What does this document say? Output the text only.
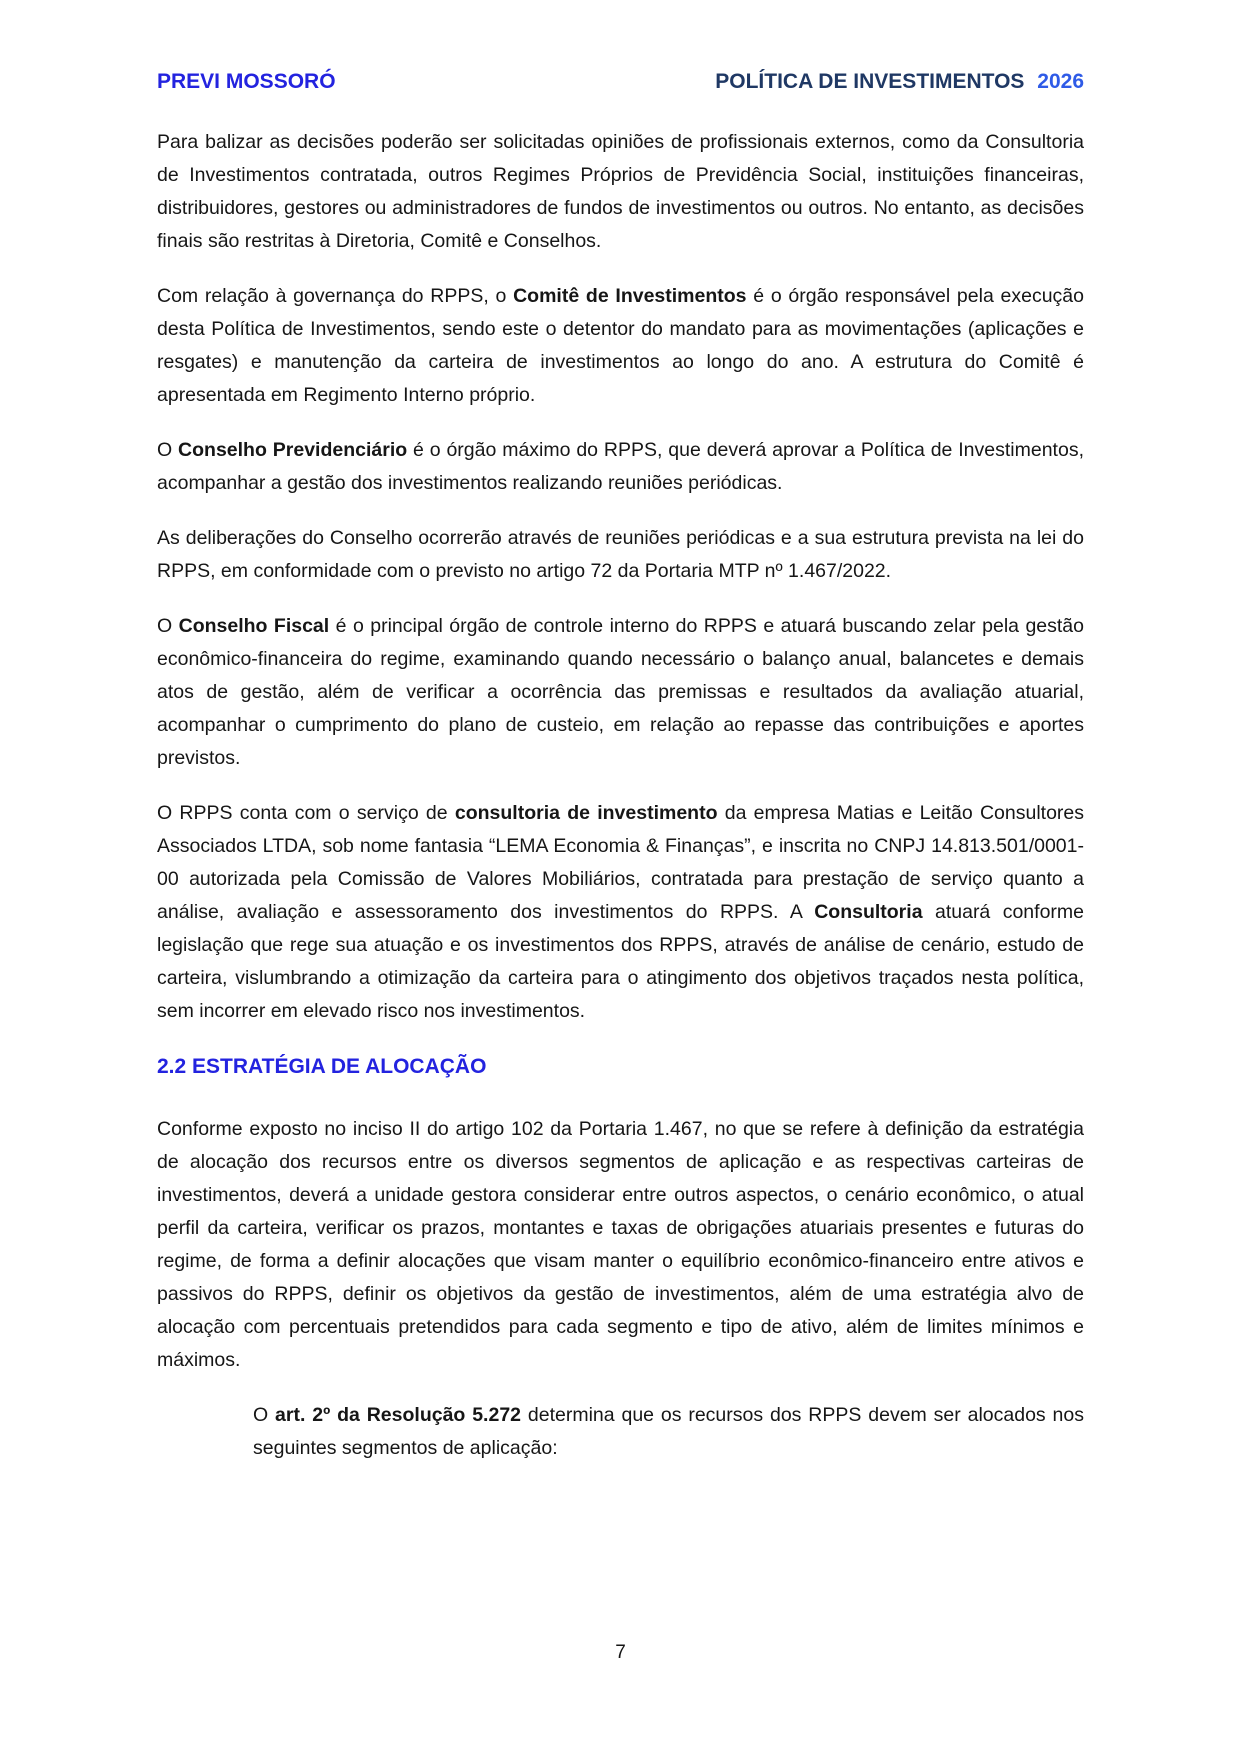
PREVI MOSSORÓ	POLÍTICA DE INVESTIMENTOS 2026

Para balizar as decisões poderão ser solicitadas opiniões de profissionais externos, como da Consultoria de Investimentos contratada, outros Regimes Próprios de Previdência Social, instituições financeiras, distribuidores, gestores ou administradores de fundos de investimentos ou outros. No entanto, as decisões finais são restritas à Diretoria, Comitê e Conselhos.

Com relação à governança do RPPS, o Comitê de Investimentos é o órgão responsável pela execução desta Política de Investimentos, sendo este o detentor do mandato para as movimentações (aplicações e resgates) e manutenção da carteira de investimentos ao longo do ano. A estrutura do Comitê é apresentada em Regimento Interno próprio.

O Conselho Previdenciário é o órgão máximo do RPPS, que deverá aprovar a Política de Investimentos, acompanhar a gestão dos investimentos realizando reuniões periódicas.

As deliberações do Conselho ocorrerão através de reuniões periódicas e a sua estrutura prevista na lei do RPPS, em conformidade com o previsto no artigo 72 da Portaria MTP nº 1.467/2022.

O Conselho Fiscal é o principal órgão de controle interno do RPPS e atuará buscando zelar pela gestão econômico-financeira do regime, examinando quando necessário o balanço anual, balancetes e demais atos de gestão, além de verificar a ocorrência das premissas e resultados da avaliação atuarial, acompanhar o cumprimento do plano de custeio, em relação ao repasse das contribuições e aportes previstos.

O RPPS conta com o serviço de consultoria de investimento da empresa Matias e Leitão Consultores Associados LTDA, sob nome fantasia “LEMA Economia & Finanças”, e inscrita no CNPJ 14.813.501/0001-00 autorizada pela Comissão de Valores Mobiliários, contratada para prestação de serviço quanto a análise, avaliação e assessoramento dos investimentos do RPPS. A Consultoria atuará conforme legislação que rege sua atuação e os investimentos dos RPPS, através de análise de cenário, estudo de carteira, vislumbrando a otimização da carteira para o atingimento dos objetivos traçados nesta política, sem incorrer em elevado risco nos investimentos.

2.2 ESTRATÉGIA DE ALOCAÇÃO

Conforme exposto no inciso II do artigo 102 da Portaria 1.467, no que se refere à definição da estratégia de alocação dos recursos entre os diversos segmentos de aplicação e as respectivas carteiras de investimentos, deverá a unidade gestora considerar entre outros aspectos, o cenário econômico, o atual perfil da carteira, verificar os prazos, montantes e taxas de obrigações atuariais presentes e futuras do regime, de forma a definir alocações que visam manter o equilíbrio econômico-financeiro entre ativos e passivos do RPPS, definir os objetivos da gestão de investimentos, além de uma estratégia alvo de alocação com percentuais pretendidos para cada segmento e tipo de ativo, além de limites mínimos e máximos.

O art. 2º da Resolução 5.272 determina que os recursos dos RPPS devem ser alocados nos seguintes segmentos de aplicação:

7
